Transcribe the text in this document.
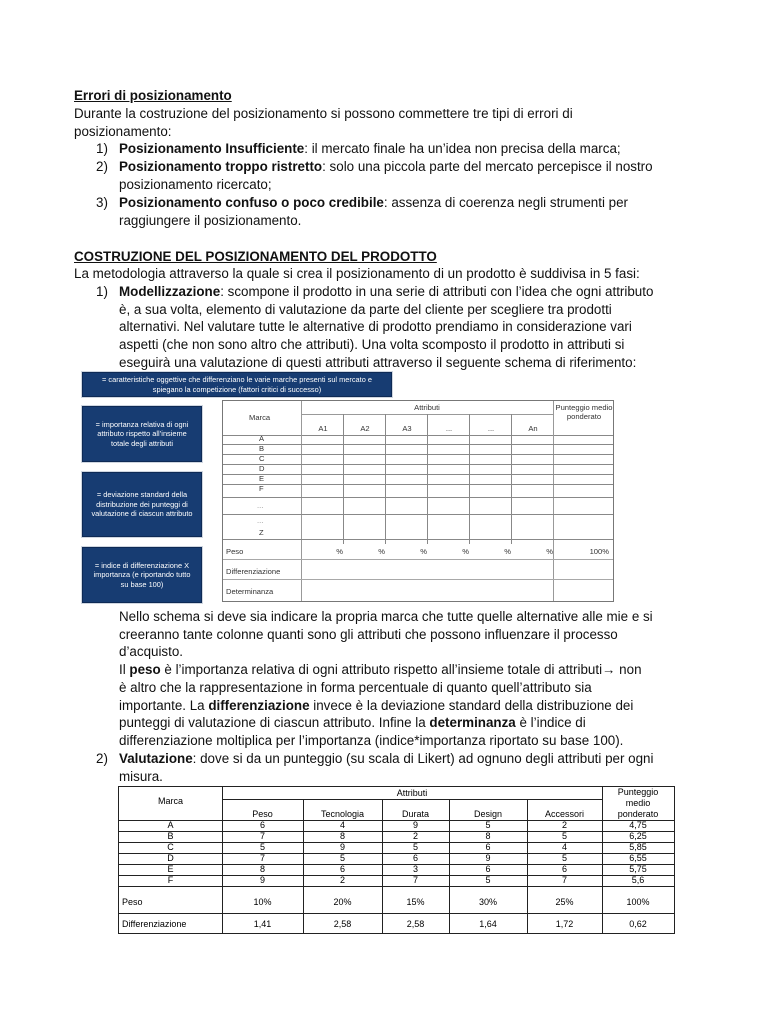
Errori di posizionamento
Durante la costruzione del posizionamento si possono commettere tre tipi di errori di
posizionamento:
1) Posizionamento Insufficiente: il mercato finale ha un’idea non precisa della marca;
2) Posizionamento troppo ristretto: solo una piccola parte del mercato percepisce il nostro
posizionamento ricercato;
3) Posizionamento confuso o poco credibile: assenza di coerenza negli strumenti per
raggiungere il posizionamento.
COSTRUZIONE DEL POSIZIONAMENTO DEL PRODOTTO
La metodologia attraverso la quale si crea il posizionamento di un prodotto è suddivisa in 5 fasi:
1) Modellizzazione: scompone il prodotto in una serie di attributi con l’idea che ogni attributo
è, a sua volta, elemento di valutazione da parte del cliente per scegliere tra prodotti
alternativi. Nel valutare tutte le alternative di prodotto prendiamo in considerazione vari
aspetti (che non sono altro che attributi). Una volta scomposto il prodotto in attributi si
eseguirà una valutazione di questi attributi attraverso il seguente schema di riferimento:
= caratteristiche oggettive che differenziano le varie marche presenti sul mercato e spiegano la competizione (fattori critici di successo)
= importanza relativa di ogni attributo rispetto all’insieme totale degli attributi
= deviazione standard della distribuzione dei punteggi di valutazione di ciascun attributo
= indice di differenziazione X importanza (e riportando tutto su base 100)
Attributi
Marca
Punteggio medio ponderato
A1	A2	A3	...	...	An
A
B
C
D
E
F
...
...
Z
Peso	%	%	%	%	%	%	100%
Differenziazione
Determinanza
Nello schema si deve sia indicare la propria marca che tutte quelle alternative alle mie e si
creeranno tante colonne quanti sono gli attributi che possono influenzare il processo
d’acquisto.
Il peso è l’importanza relativa di ogni attributo rispetto all’insieme totale di attributi→ non
è altro che la rappresentazione in forma percentuale di quanto quell’attributo sia
importante. La differenziazione invece è la deviazione standard della distribuzione dei
punteggi di valutazione di ciascun attributo. Infine la determinanza è l’indice di
differenziazione moltiplica per l’importanza (indice*importanza riportato su base 100).
2) Valutazione: dove si da un punteggio (su scala di Likert) ad ognuno degli attributi per ogni
misura.
Attributi
Marca
Punteggio
medio
ponderato
Peso	Tecnologia	Durata	Design	Accessori
A	6	4	9	5	2	4,75
B	7	8	2	8	5	6,25
C	5	9	5	6	4	5,85
D	7	5	6	9	5	6,55
E	8	6	3	6	6	5,75
F	9	2	7	5	7	5,6
Peso	10%	20%	15%	30%	25%	100%
Differenziazione	1,41	2,58	2,58	1,64	1,72	0,62
